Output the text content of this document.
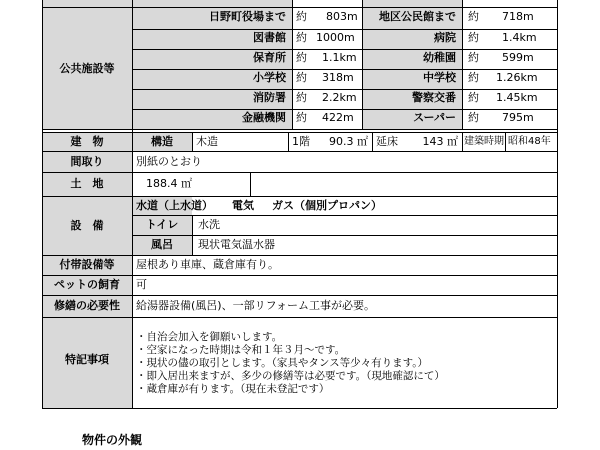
公共施設等
日野町役場まで 約 803m	地区公民館まで 約 718m
図書館 約 1000m	病院 約 1.4km
保育所 約 1.1km	幼稚園 約 599m
小学校 約 318m	中学校 約 1.26km
消防署 約 2.2km	警察交番 約 1.45km
金融機関 約 422m	スーパー 約 795m
建　物	構造	木造	1階	90.3 ㎡ 延床	143 ㎡ 建築時期 昭和48年
間取り	別紙のとおり
土　地	188.4 ㎡
設　備
水道（上水道） 電気 ガス（個別プロパン）
トイレ	水洗
風呂	現状電気温水器
付帯設備等	屋根あり車庫、蔵倉庫有り。
ペットの飼育	可
修繕の必要性	給湯器設備(風呂)、一部リフォーム工事が必要。
特記事項
・自治会加入を御願いします。
・空家になった時期は令和１年３月〜です。
・現状の儘の取引とします。（家具やタンス等少々有ります。）
・即入居出来ますが、多少の修繕等は必要です。（現地確認にて）
・蔵倉庫が有ります。（現在未登記です）
物件の外観
